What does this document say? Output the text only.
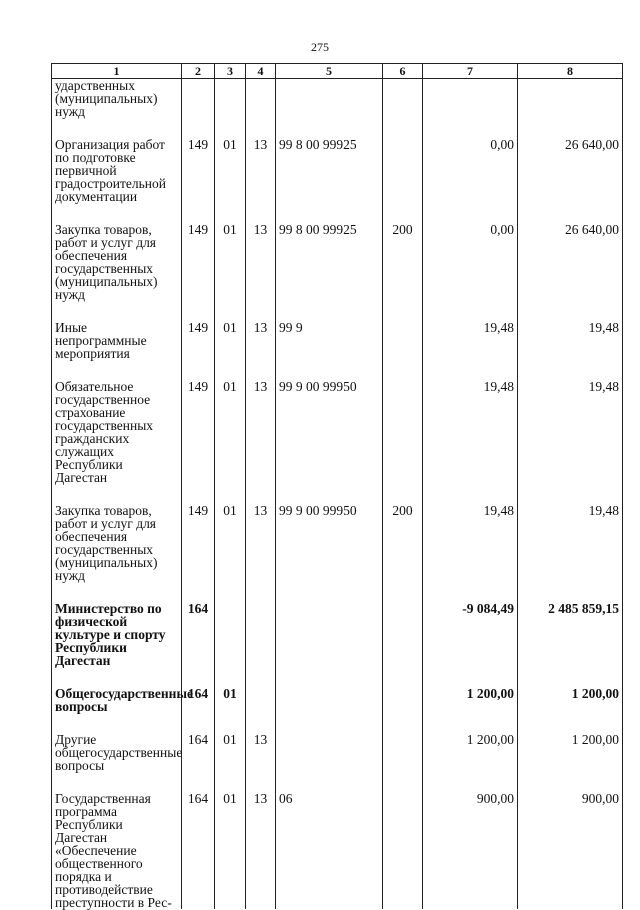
275
1	2	3	4	5	6	7	8
ударственных (муниципальных) нужд							

Организация работ по подготовке первичной градостроительной документации	149	01	13	99 8 00 99925		0,00	26 640,00

Закупка товаров, работ и услуг для обеспечения государственных (муниципальных) нужд	149	01	13	99 8 00 99925	200	0,00	26 640,00

Иные непрограммные мероприятия	149	01	13	99 9		19,48	19,48

Обязательное государственное страхование государственных гражданских служащих Республики Дагестан	149	01	13	99 9 00 99950		19,48	19,48

Закупка товаров, работ и услуг для обеспечения государственных (муниципальных) нужд	149	01	13	99 9 00 99950	200	19,48	19,48

Министерство по физической культуре и спорту Республики Дагестан	164					-9 084,49	2 485 859,15

Общегосударственные вопросы	164	01				1 200,00	1 200,00

Другие общегосударственные вопросы	164	01	13			1 200,00	1 200,00

Государственная программа Республики Дагестан «Обеспечение общественного порядка и противодействие преступности в Рес-	164	01	13	06		900,00	900,00
